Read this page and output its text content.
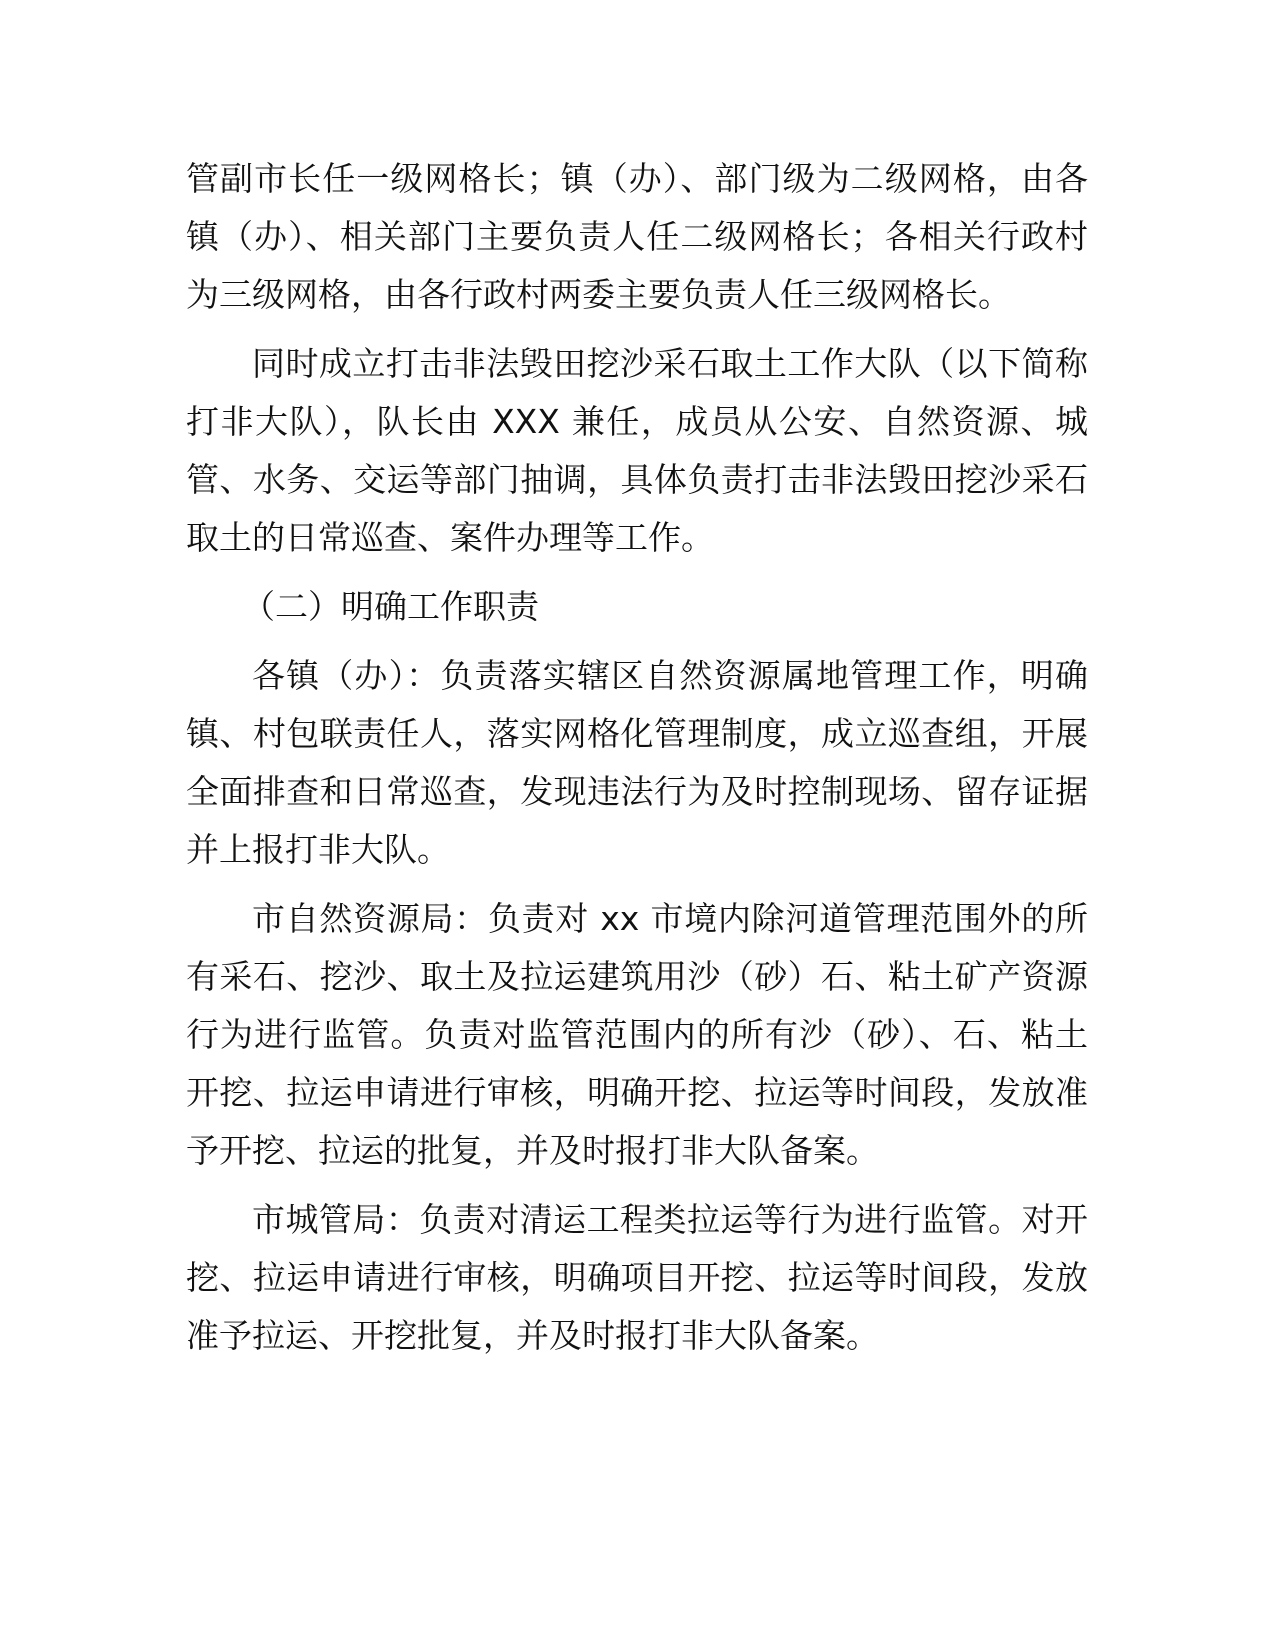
管副市长任一级网格长；镇（办）、部门级为二级网格，由各
镇（办）、相关部门主要负责人任二级网格长；各相关行政村
为三级网格，由各行政村两委主要负责人任三级网格长。
同时成立打击非法毁田挖沙采石取土工作大队（以下简称
打非大队），队长由 XXX 兼任，成员从公安、自然资源、城
管、水务、交运等部门抽调，具体负责打击非法毁田挖沙采石
取土的日常巡查、案件办理等工作。
（二）明确工作职责
各镇（办）：负责落实辖区自然资源属地管理工作，明确
镇、村包联责任人，落实网格化管理制度，成立巡查组，开展
全面排查和日常巡查，发现违法行为及时控制现场、留存证据
并上报打非大队。
市自然资源局：负责对 xx 市境内除河道管理范围外的所
有采石、挖沙、取土及拉运建筑用沙（砂）石、粘土矿产资源
行为进行监管。负责对监管范围内的所有沙（砂）、石、粘土
开挖、拉运申请进行审核，明确开挖、拉运等时间段，发放准
予开挖、拉运的批复，并及时报打非大队备案。
市城管局：负责对清运工程类拉运等行为进行监管。对开
挖、拉运申请进行审核，明确项目开挖、拉运等时间段，发放
准予拉运、开挖批复，并及时报打非大队备案。
